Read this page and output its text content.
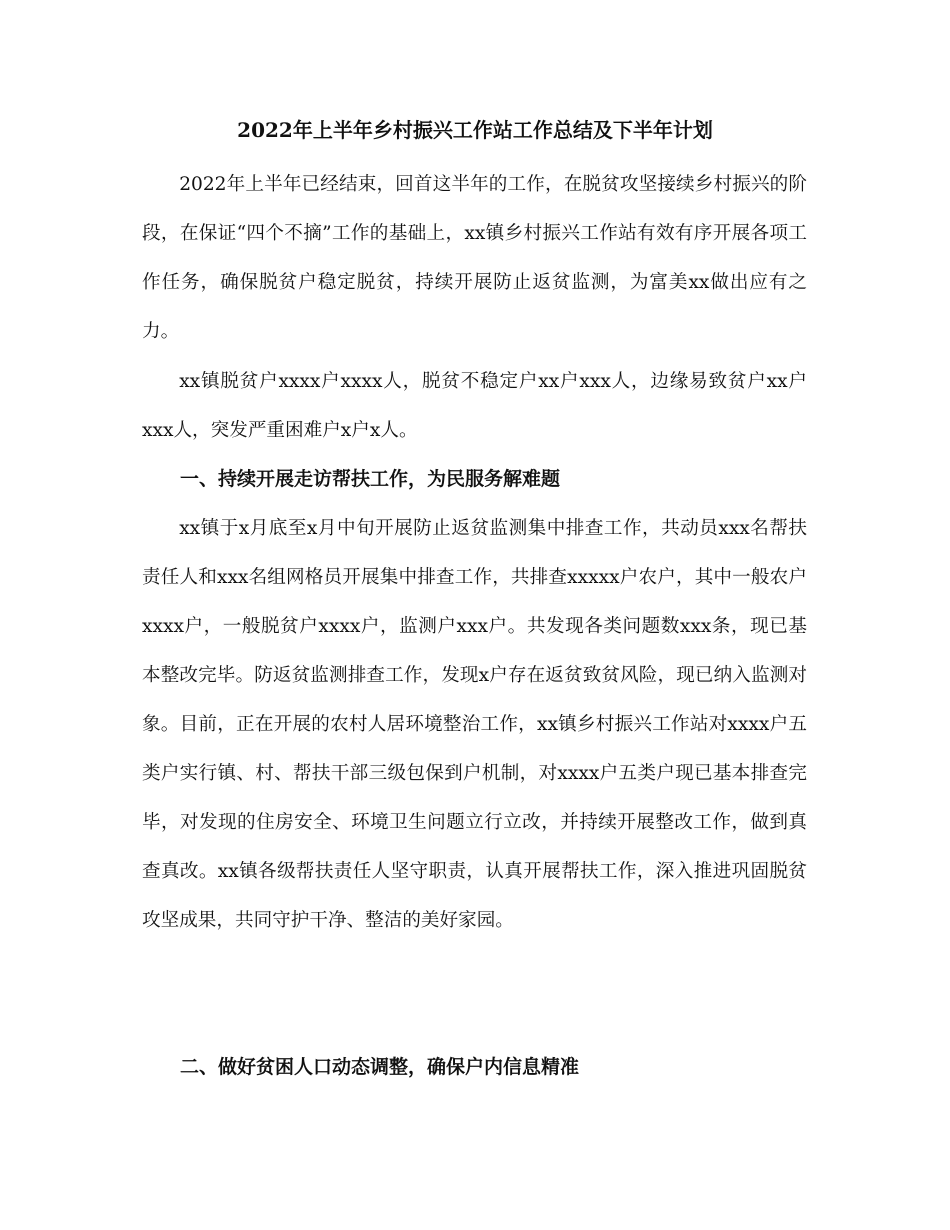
2022年上半年乡村振兴工作站工作总结及下半年计划

2022年上半年已经结束，回首这半年的工作，在脱贫攻坚接续乡村振兴的阶段，在保证“四个不摘”工作的基础上，xx镇乡村振兴工作站有效有序开展各项工作任务，确保脱贫户稳定脱贫，持续开展防止返贫监测，为富美xx做出应有之力。

xx镇脱贫户xxxx户xxxx人，脱贫不稳定户xx户xxx人，边缘易致贫户xx户xxx人，突发严重困难户x户x人。

一、持续开展走访帮扶工作，为民服务解难题

xx镇于x月底至x月中旬开展防止返贫监测集中排查工作，共动员xxx名帮扶责任人和xxx名组网格员开展集中排查工作，共排查xxxxx户农户，其中一般农户xxxx户，一般脱贫户xxxx户，监测户xxx户。共发现各类问题数xxx条，现已基本整改完毕。防返贫监测排查工作，发现x户存在返贫致贫风险，现已纳入监测对象。目前，正在开展的农村人居环境整治工作，xx镇乡村振兴工作站对xxxx户五类户实行镇、村、帮扶干部三级包保到户机制，对xxxx户五类户现已基本排查完毕，对发现的住房安全、环境卫生问题立行立改，并持续开展整改工作，做到真查真改。xx镇各级帮扶责任人坚守职责，认真开展帮扶工作，深入推进巩固脱贫攻坚成果，共同守护干净、整洁的美好家园。

二、做好贫困人口动态调整，确保户内信息精准
